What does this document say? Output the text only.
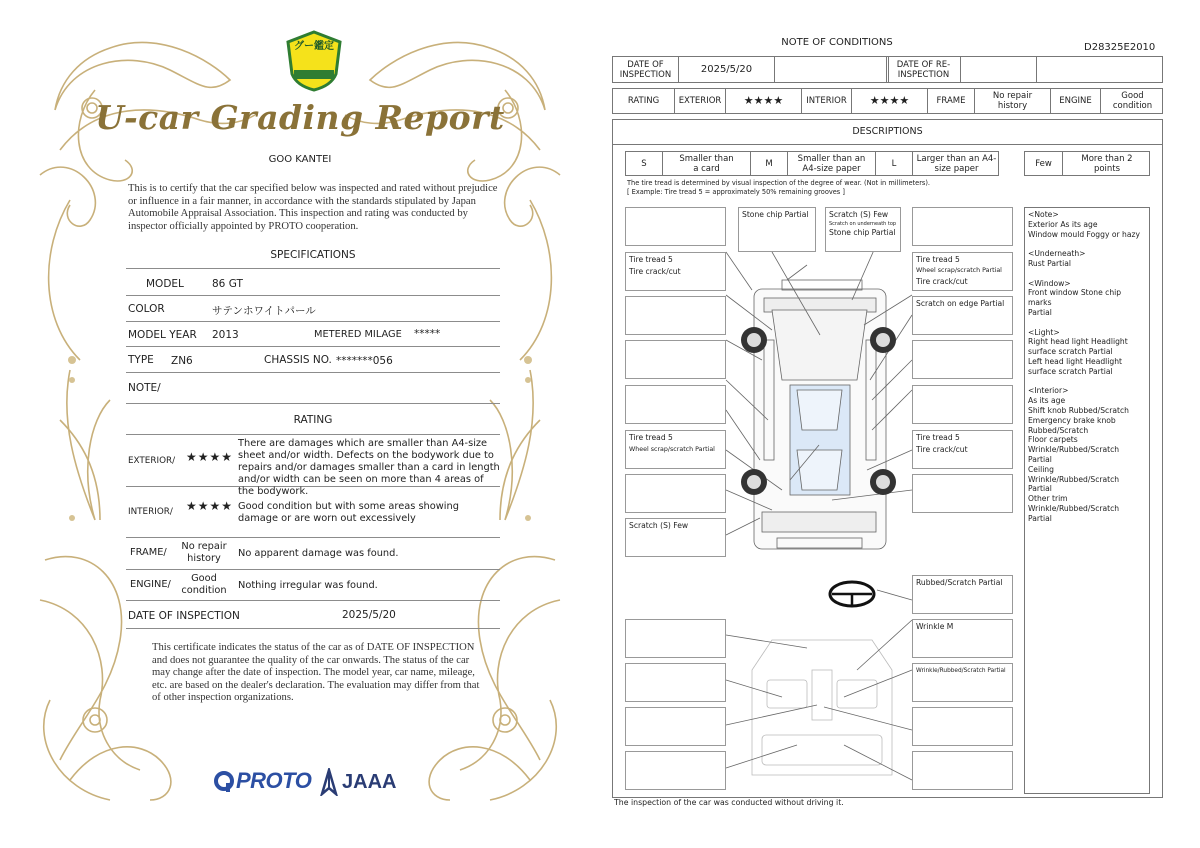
グー鑑定
U-car Grading Report
GOO KANTEI
This is to certify that the car specified below was inspected and rated without prejudice or influence in a fair manner, in accordance with the standards stipulated by Japan Automobile Appraisal Association. This inspection and rating was conducted by inspector officially appointed by PROTO cooperation.
SPECIFICATIONS
MODEL	86 GT
COLOR	サテンホワイトパール
MODEL YEAR 2013	METERED MILAGE *****
TYPE ZN6	CHASSIS NO. *******056
NOTE/
RATING
EXTERIOR/ ★★★★
There are damages which are smaller than A4-size sheet and/or width. Defects on the bodywork due to repairs and/or damages smaller than a card in length and/or width can be seen on more than 4 areas of the bodywork.
INTERIOR/ ★★★★ Good condition but with some areas showing damage or are worn out excessively
FRAME/
No repair history	No apparent damage was found.
ENGINE/
Good condition	Nothing irregular was found.
DATE OF INSPECTION	2025/5/20
This certificate indicates the status of the car as of DATE OF INSPECTION and does not guarantee the quality of the car onwards. The status of the car may change after the date of inspection. The model year, car name, mileage, etc. are based on the dealer's declaration. The evaluation may differ from that of other inspection organizations.
PROTO JAAA
NOTE OF CONDITIONS	D28325E2010
DATE OF INSPECTION	2025/5/20	DATE OF RE-INSPECTION
RATING	EXTERIOR	★★★★	INTERIOR	★★★★	FRAME	No repair history	ENGINE	Good condition
DESCRIPTIONS
S	Smaller than a card	M	Smaller than an A4-size paper	L	Larger than an A4-size paper	Few	More than 2 points
The tire tread is determined by visual inspection of the degree of wear. (Not in millimeters).
[ Example: Tire tread 5 = approximately 50% remaining grooves ]
Stone chip Partial	Scratch (S) Few
Scratch on underneath top
Stone chip Partial
Tire tread 5
Tire crack/cut
Tire tread 5
Wheel scrap/scratch Partial
Tire crack/cut
Scratch on edge Partial
Tire tread 5
Wheel scrap/scratch Partial
Tire tread 5
Tire crack/cut
Scratch (S) Few
Rubbed/Scratch Partial
Wrinkle M
Wrinkle/Rubbed/Scratch Partial
<Note>
Exterior As its age
Window mould Foggy or hazy
<Underneath>
Rust Partial
<Window>
Front window Stone chip marks
Partial
<Light>
Right head light Headlight
surface scratch Partial
Left head light Headlight
surface scratch Partial
<Interior>
As its age
Shift knob Rubbed/Scratch
Emergency brake knob
Rubbed/Scratch
Floor carpets
Wrinkle/Rubbed/Scratch
Partial
Ceiling
Wrinkle/Rubbed/Scratch
Partial
Other trim
Wrinkle/Rubbed/Scratch
Partial
The inspection of the car was conducted without driving it.
